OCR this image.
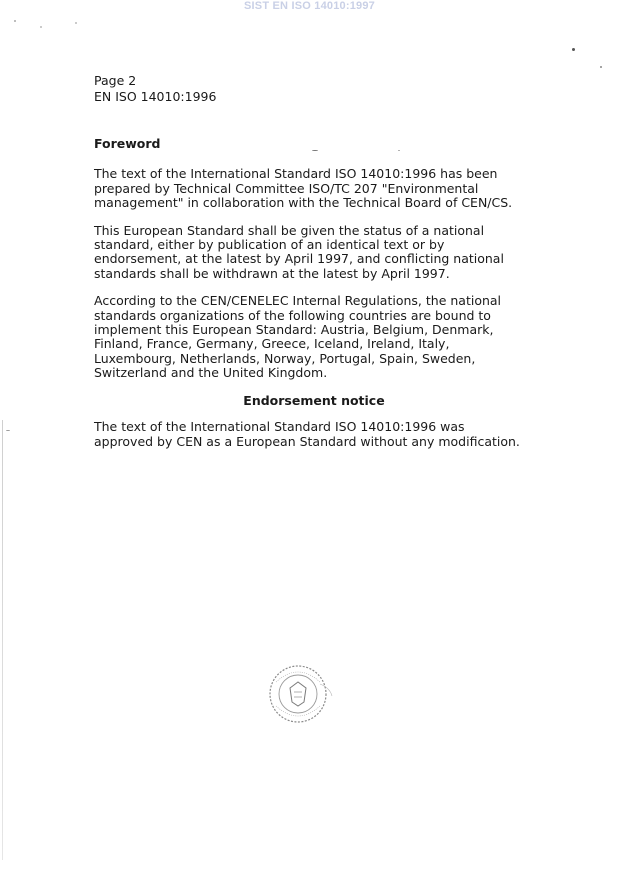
SIST EN ISO 14010:1997
Page 2
EN ISO 14010:1996
Foreword
The text of the International Standard ISO 14010:1996 has been
prepared by Technical Committee ISO/TC 207 "Environmental
management" in collaboration with the Technical Board of CEN/CS.
This European Standard shall be given the status of a national
standard, either by publication of an identical text or by
endorsement, at the latest by April 1997, and conflicting national
standards shall be withdrawn at the latest by April 1997.
According to the CEN/CENELEC Internal Regulations, the national
standards organizations of the following countries are bound to
implement this European Standard: Austria, Belgium, Denmark,
Finland, France, Germany, Greece, Iceland, Ireland, Italy,
Luxembourg, Netherlands, Norway, Portugal, Spain, Sweden,
Switzerland and the United Kingdom.
Endorsement notice
The text of the International Standard ISO 14010:1996 was
approved by CEN as a European Standard without any modification.
